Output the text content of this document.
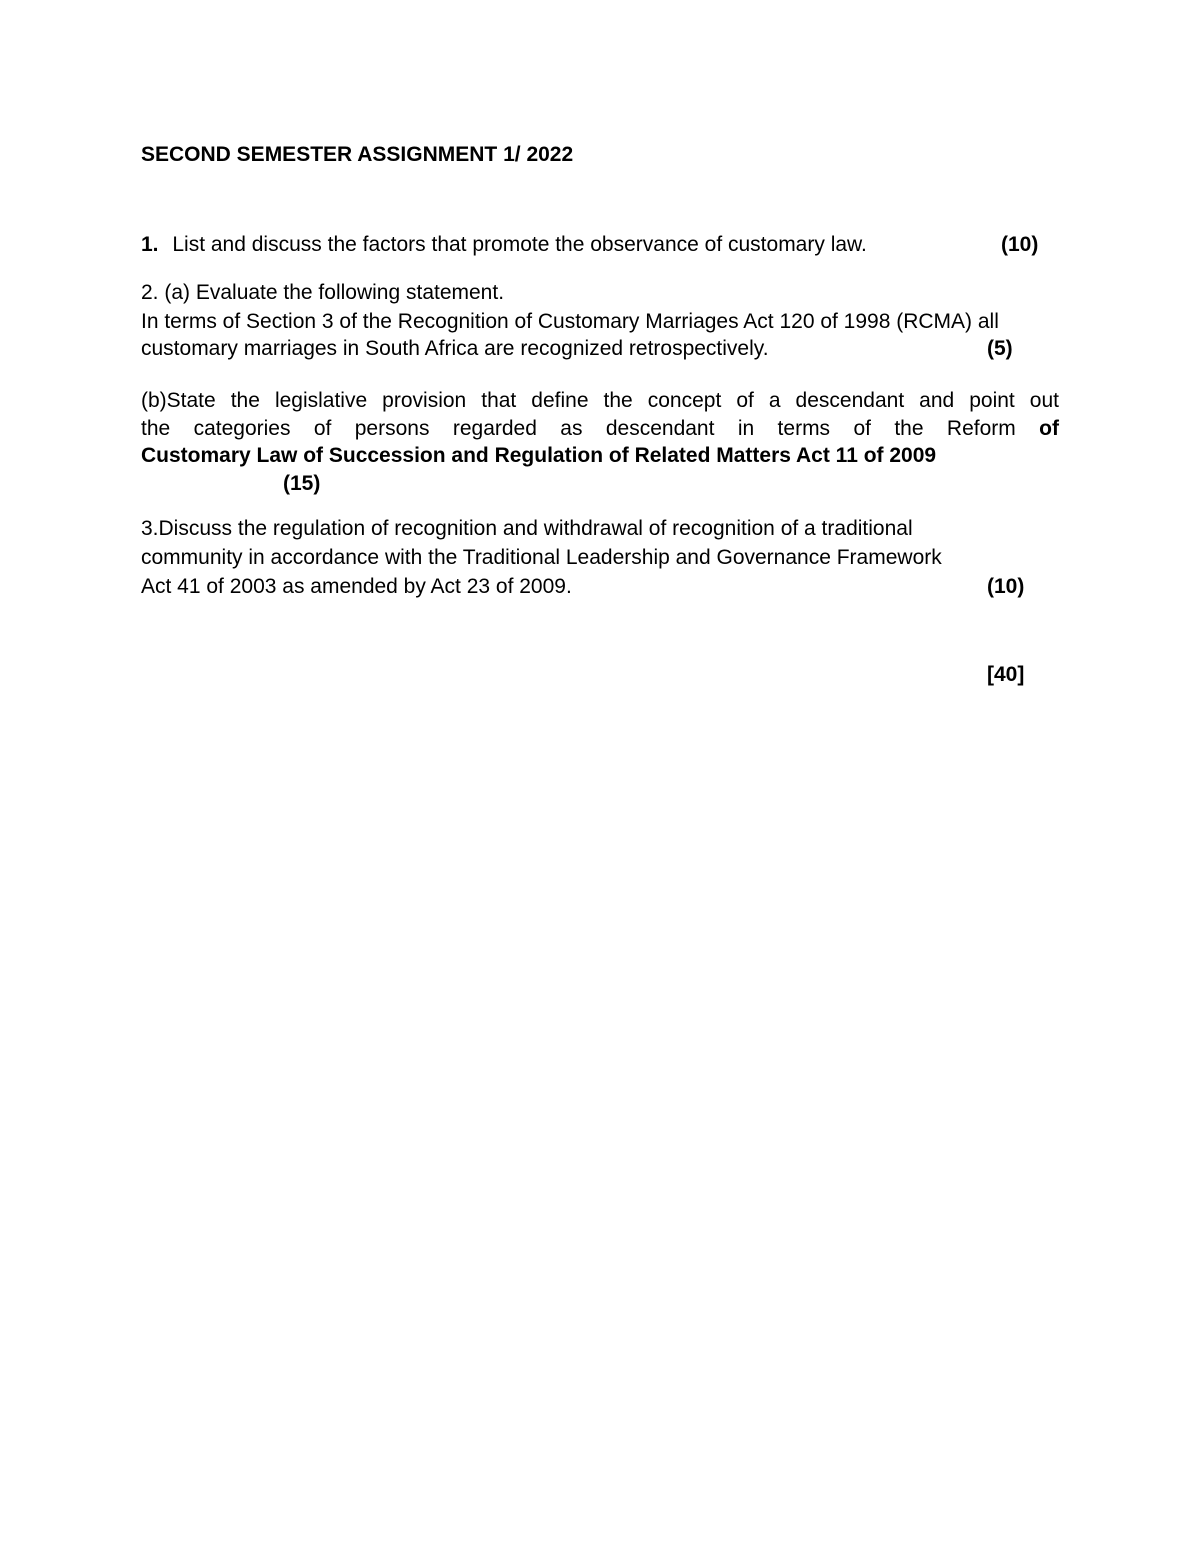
SECOND SEMESTER ASSIGNMENT 1/ 2022
1. List and discuss the factors that promote the observance of customary law.	(10)
2. (a) Evaluate the following statement.
In terms of Section 3 of the Recognition of Customary Marriages Act 120 of 1998 (RCMA) all
customary marriages in South Africa are recognized retrospectively.	(5)
(b)State the legislative provision that define the concept of a descendant and point out
the categories of persons regarded as descendant in terms of the Reform of
Customary Law of Succession and Regulation of Related Matters Act 11 of 2009
(15)
3.Discuss the regulation of recognition and withdrawal of recognition of a traditional
community in accordance with the Traditional Leadership and Governance Framework
Act 41 of 2003 as amended by Act 23 of 2009.	(10)
[40]
